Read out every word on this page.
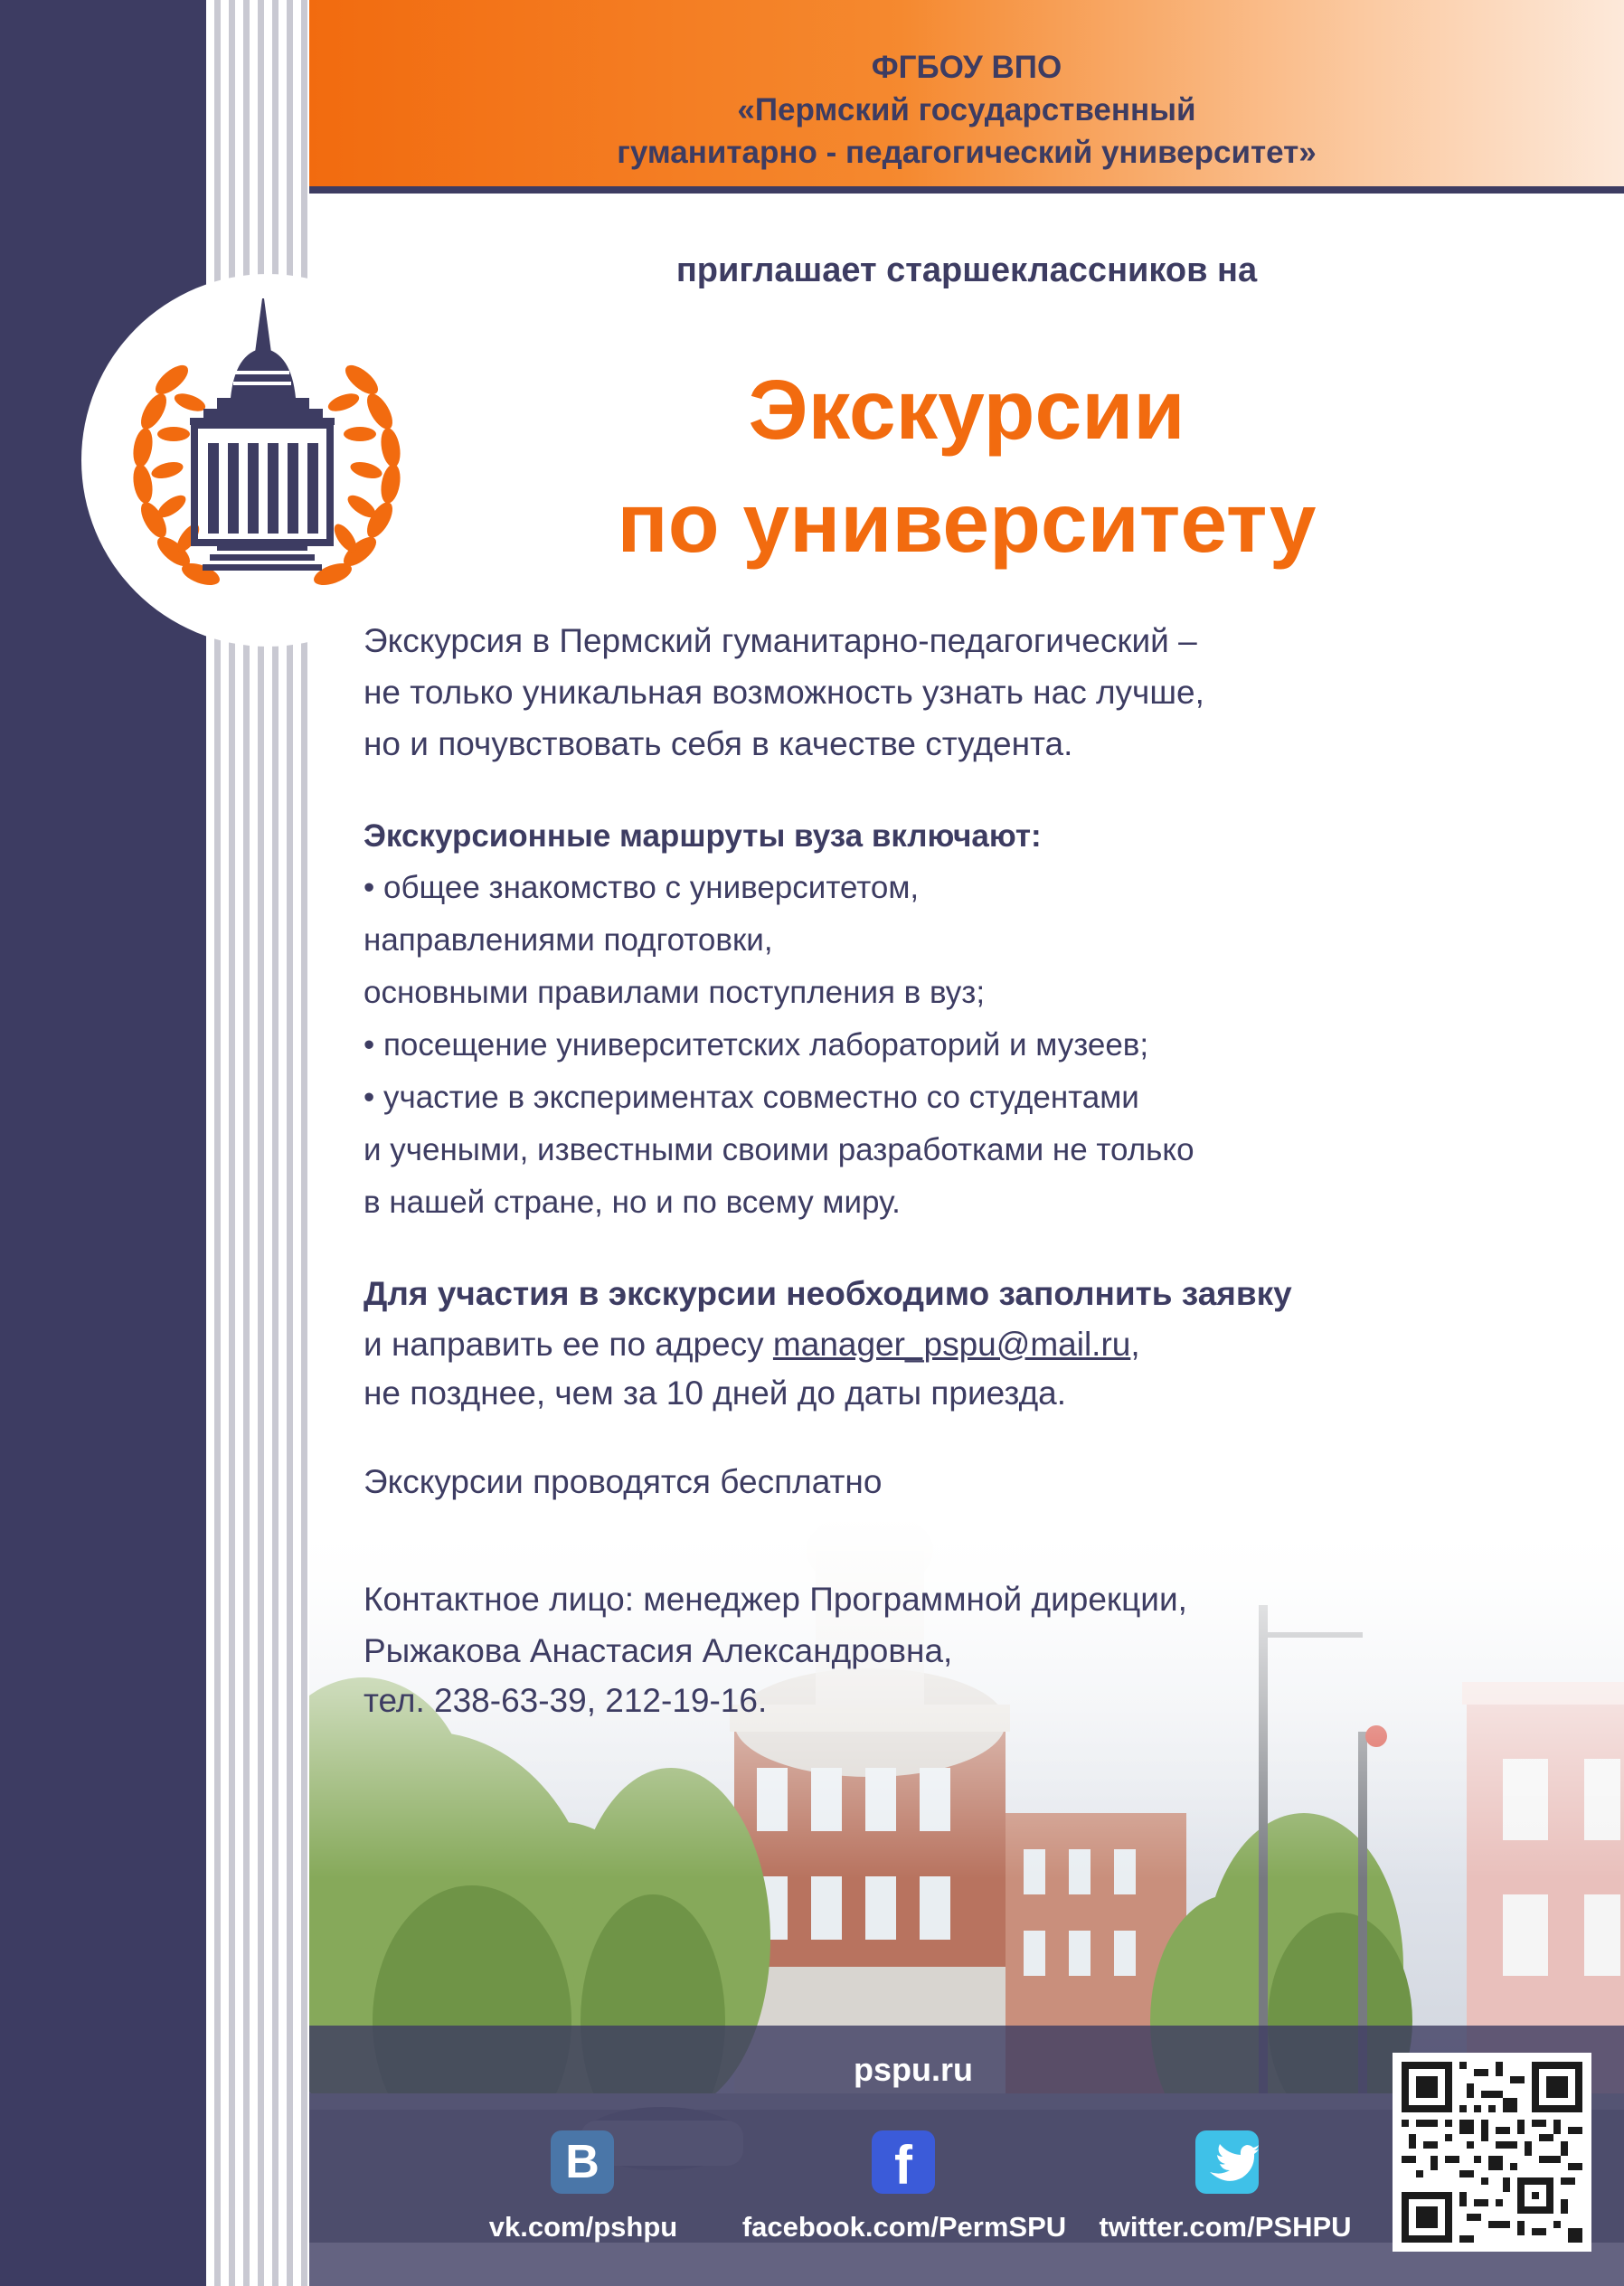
ФГБОУ ВПО
«Пермский государственный
гуманитарно - педагогический университет»
приглашает старшеклассников на
Экскурсии
по университету
Экскурсия в Пермский гуманитарно-педагогический –
не только уникальная возможность узнать нас лучше,
но и почувствовать себя в качестве студента.
Экскурсионные маршруты вуза включают:
• общее знакомство с университетом,
направлениями подготовки,
основными правилами поступления в вуз;
• посещение университетских лабораторий и музеев;
• участие в экспериментах совместно со студентами
и учеными, известными своими разработками не только
в нашей стране, но и по всему миру.
Для участия в экскурсии необходимо заполнить заявку
и направить ее по адресу manager_pspu@mail.ru,
не позднее, чем за 10 дней до даты приезда.
Экскурсии проводятся бесплатно
Контактное лицо: менеджер Программной дирекции,
Рыжакова Анастасия Александровна,
тел. 238-63-39, 212-19-16.
pspu.ru
B	f
vk.com/pshpu	facebook.com/PermSPU	twitter.com/PSHPU
